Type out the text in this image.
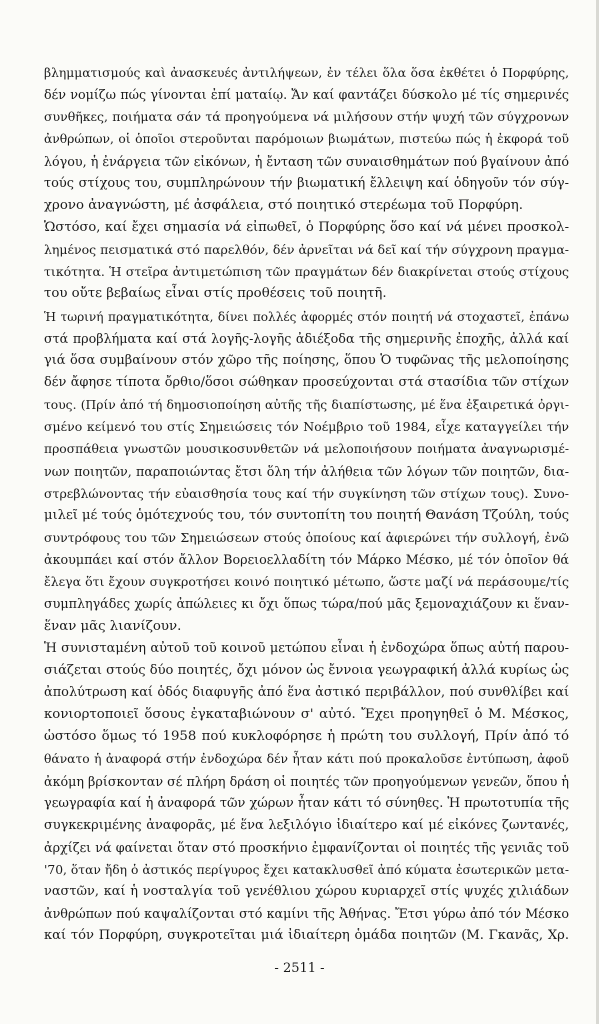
βλημματισμούς καὶ ἀνασκευές ἀντιλήψεων, ἐν τέλει ὅλα ὅσα ἐκθέτει ὁ Πορφύρης,
δέν νομίζω πώς γίνονται ἐπί ματαίῳ. Ἄν καί φαντάζει δύσκολο μέ τίς σημερινές
συνθῆκες, ποιήματα σάν τά προηγούμενα νά μιλήσουν στήν ψυχή τῶν σύγχρονων
ἀνθρώπων, οἱ ὁποῖοι στεροῦνται παρόμοιων βιωμάτων, πιστεύω πώς ἡ ἐκφορά τοῦ
λόγου, ἡ ἐνάργεια τῶν εἰκόνων, ἡ ἔνταση τῶν συναισθημάτων πού βγαίνουν ἀπό
τούς στίχους του, συμπληρώνουν τήν βιωματική ἔλλειψη καί ὁδηγοῦν τόν σύγ-
χρονο ἀναγνώστη, μέ ἀσφάλεια, στό ποιητικό στερέωμα τοῦ Πορφύρη.
Ὡστόσο, καί ἔχει σημασία νά εἰπωθεῖ, ὁ Πορφύρης ὅσο καί νά μένει προσκολ-
λημένος πεισματικά στό παρελθόν, δέν ἀρνεῖται νά δεῖ καί τήν σύγχρονη πραγμα-
τικότητα. Ἡ στεῖρα ἀντιμετώπιση τῶν πραγμάτων δέν διακρίνεται στούς στίχους
του οὔτε βεβαίως εἶναι στίς προθέσεις τοῦ ποιητῆ.
Ἡ τωρινή πραγματικότητα, δίνει πολλές ἀφορμές στόν ποιητή νά στοχαστεῖ, ἐπάνω
στά προβλήματα καί στά λογῆς-λογῆς ἀδιέξοδα τῆς σημερινῆς ἐποχῆς, ἀλλά καί
γιά ὅσα συμβαίνουν στόν χῶρο τῆς ποίησης, ὅπου Ὁ τυφῶνας τῆς μελοποίησης
δέν ἄφησε τίποτα ὄρθιο/ὅσοι σώθηκαν προσεύχονται στά στασίδια τῶν στίχων
τους. (Πρίν ἀπό τή δημοσιοποίηση αὐτῆς τῆς διαπίστωσης, μέ ἕνα ἐξαιρετικά ὀργι-
σμένο κείμενό του στίς Σημειώσεις τόν Νοέμβριο τοῦ 1984, εἶχε καταγγείλει τήν
προσπάθεια γνωστῶν μουσικοσυνθετῶν νά μελοποιήσουν ποιήματα ἀναγνωρισμέ-
νων ποιητῶν, παραποιώντας ἔτσι ὅλη τήν ἀλήθεια τῶν λόγων τῶν ποιητῶν, δια-
στρεβλώνοντας τήν εὐαισθησία τους καί τήν συγκίνηση τῶν στίχων τους). Συνο-
μιλεῖ μέ τούς ὁμότεχνούς του, τόν συντοπίτη του ποιητή Θανάση Τζούλη, τούς
συντρόφους του τῶν Σημειώσεων στούς ὁποίους καί ἀφιερώνει τήν συλλογή, ἐνῶ
ἀκουμπάει καί στόν ἄλλον Βορειοελλαδίτη τόν Μάρκο Μέσκο, μέ τόν ὁποῖον θά
ἔλεγα ὅτι ἔχουν συγκροτήσει κοινό ποιητικό μέτωπο, ὥστε μαζί νά περάσουμε/τίς
συμπληγάδες χωρίς ἀπώλειες κι ὄχι ὅπως τώρα/πού μᾶς ξεμοναχιάζουν κι ἕναν-
ἕναν μᾶς λιανίζουν.
Ἡ συνισταμένη αὐτοῦ τοῦ κοινοῦ μετώπου εἶναι ἡ ἐνδοχώρα ὅπως αὐτή παρου-
σιάζεται στούς δύο ποιητές, ὄχι μόνον ὡς ἔννοια γεωγραφική ἀλλά κυρίως ὡς
ἀπολύτρωση καί ὁδός διαφυγῆς ἀπό ἕνα ἀστικό περιβάλλον, πού συνθλίβει καί
κονιορτοποιεῖ ὅσους ἐγκαταβιώνουν σ' αὐτό. Ἔχει προηγηθεῖ ὁ Μ. Μέσκος,
ὡστόσο ὅμως τό 1958 πού κυκλοφόρησε ἡ πρώτη του συλλογή, Πρίν ἀπό τό
θάνατο ἡ ἀναφορά στήν ἐνδοχώρα δέν ἦταν κάτι πού προκαλοῦσε ἐντύπωση, ἀφοῦ
ἀκόμη βρίσκονταν σέ πλήρη δράση οἱ ποιητές τῶν προηγούμενων γενεῶν, ὅπου ἡ
γεωγραφία καί ἡ ἀναφορά τῶν χώρων ἦταν κάτι τό σύνηθες. Ἡ πρωτοτυπία τῆς
συγκεκριμένης ἀναφορᾶς, μέ ἕνα λεξιλόγιο ἰδιαίτερο καί μέ εἰκόνες ζωντανές,
ἀρχίζει νά φαίνεται ὅταν στό προσκήνιο ἐμφανίζονται οἱ ποιητές τῆς γενιᾶς τοῦ
'70, ὅταν ἤδη ὁ ἀστικός περίγυρος ἔχει κατακλυσθεῖ ἀπό κύματα ἐσωτερικῶν μετα-
ναστῶν, καί ἡ νοσταλγία τοῦ γενέθλιου χώρου κυριαρχεῖ στίς ψυχές χιλιάδων
ἀνθρώπων πού καψαλίζονται στό καμίνι τῆς Ἀθήνας. Ἔτσι γύρω ἀπό τόν Μέσκο
καί τόν Πορφύρη, συγκροτεῖται μιά ἰδιαίτερη ὁμάδα ποιητῶν (Μ. Γκανᾶς, Χρ.
- 2511 -
